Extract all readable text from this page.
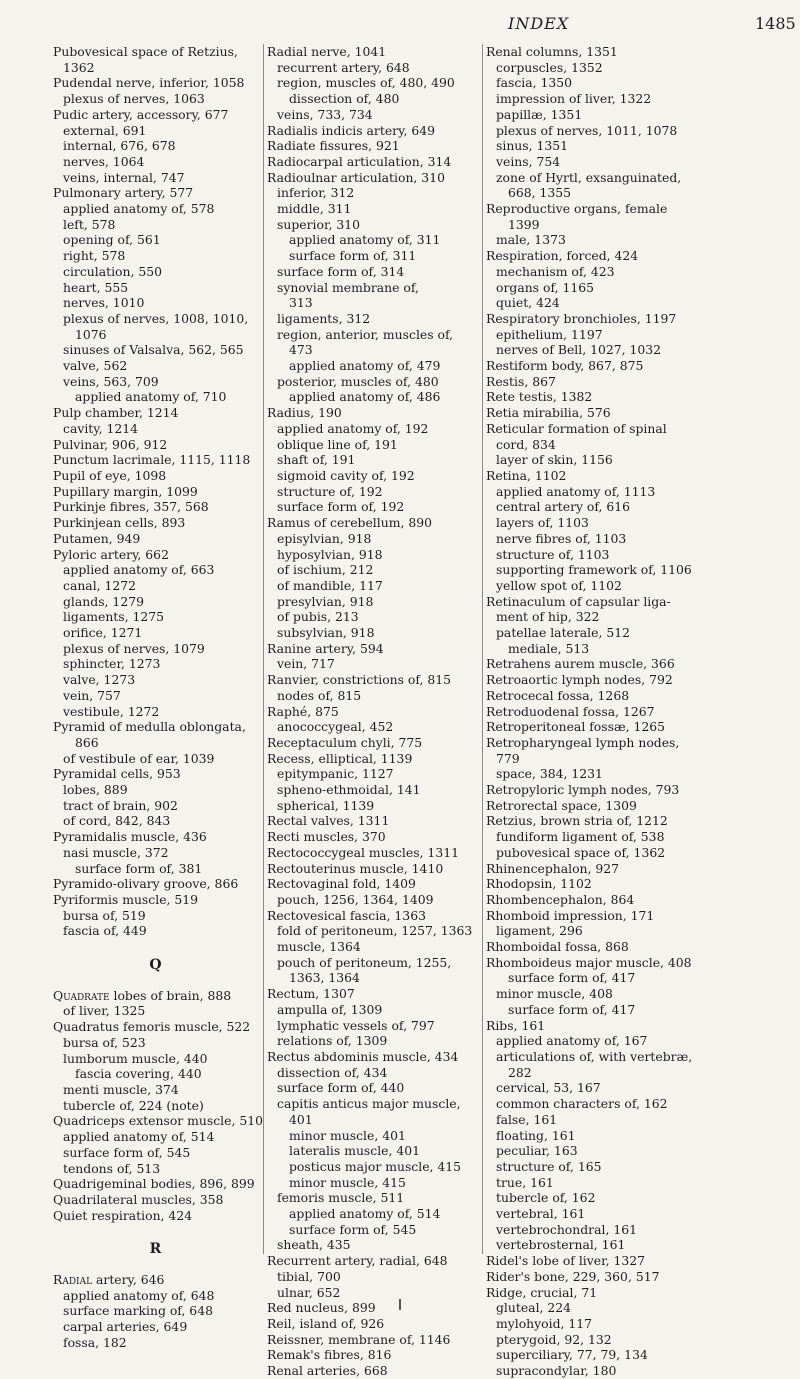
INDEX	1485
Pubovesical space of Retzius,
1362
Pudendal nerve, inferior, 1058
plexus of nerves, 1063
Pudic artery, accessory, 677
external, 691
internal, 676, 678
nerves, 1064
veins, internal, 747
Pulmonary artery, 577
applied anatomy of, 578
left, 578
opening of, 561
right, 578
circulation, 550
heart, 555
nerves, 1010
plexus of nerves, 1008, 1010,
1076
sinuses of Valsalva, 562, 565
valve, 562
veins, 563, 709
applied anatomy of, 710
Pulp chamber, 1214
cavity, 1214
Pulvinar, 906, 912
Punctum lacrimale, 1115, 1118
Pupil of eye, 1098
Pupillary margin, 1099
Purkinje fibres, 357, 568
Purkinjean cells, 893
Putamen, 949
Pyloric artery, 662
applied anatomy of, 663
canal, 1272
glands, 1279
ligaments, 1275
orifice, 1271
plexus of nerves, 1079
sphincter, 1273
valve, 1273
vein, 757
vestibule, 1272
Pyramid of medulla oblongata,
866
of vestibule of ear, 1039
Pyramidal cells, 953
lobes, 889
tract of brain, 902
of cord, 842, 843
Pyramidalis muscle, 436
nasi muscle, 372
surface form of, 381
Pyramido-olivary groove, 866
Pyriformis muscle, 519
bursa of, 519
fascia of, 449
Q
Quadrate lobes of brain, 888
of liver, 1325
Quadratus femoris muscle, 522
bursa of, 523
lumborum muscle, 440
fascia covering, 440
menti muscle, 374
tubercle of, 224 (note)
Quadriceps extensor muscle, 510
applied anatomy of, 514
surface form of, 545
tendons of, 513
Quadrigeminal bodies, 896, 899
Quadrilateral muscles, 358
Quiet respiration, 424
R
Radial artery, 646
applied anatomy of, 648
surface marking of, 648
carpal arteries, 649
fossa, 182
Radial nerve, 1041
recurrent artery, 648
region, muscles of, 480, 490
dissection of, 480
veins, 733, 734
Radialis indicis artery, 649
Radiate fissures, 921
Radiocarpal articulation, 314
Radioulnar articulation, 310
inferior, 312
middle, 311
superior, 310
applied anatomy of, 311
surface form of, 311
surface form of, 314
synovial membrane of,
313
ligaments, 312
region, anterior, muscles of,
473
applied anatomy of, 479
posterior, muscles of, 480
applied anatomy of, 486
Radius, 190
applied anatomy of, 192
oblique line of, 191
shaft of, 191
sigmoid cavity of, 192
structure of, 192
surface form of, 192
Ramus of cerebellum, 890
episylvian, 918
hyposylvian, 918
of ischium, 212
of mandible, 117
presylvian, 918
of pubis, 213
subsylvian, 918
Ranine artery, 594
vein, 717
Ranvier, constrictions of, 815
nodes of, 815
Raphé, 875
anococcygeal, 452
Receptaculum chyli, 775
Recess, elliptical, 1139
epitympanic, 1127
spheno-ethmoidal, 141
spherical, 1139
Rectal valves, 1311
Recti muscles, 370
Rectococcygeal muscles, 1311
Rectouterinus muscle, 1410
Rectovaginal fold, 1409
pouch, 1256, 1364, 1409
Rectovesical fascia, 1363
fold of peritoneum, 1257, 1363
muscle, 1364
pouch of peritoneum, 1255,
1363, 1364
Rectum, 1307
ampulla of, 1309
lymphatic vessels of, 797
relations of, 1309
Rectus abdominis muscle, 434
dissection of, 434
surface form of, 440
capitis anticus major muscle,
401
minor muscle, 401
lateralis muscle, 401
posticus major muscle, 415
minor muscle, 415
femoris muscle, 511
applied anatomy of, 514
surface form of, 545
sheath, 435
Recurrent artery, radial, 648
tibial, 700
ulnar, 652
Red nucleus, 899
Reil, island of, 926
Reissner, membrane of, 1146
Remak's fibres, 816
Renal arteries, 668
Renal columns, 1351
corpuscles, 1352
fascia, 1350
impression of liver, 1322
papillæ, 1351
plexus of nerves, 1011, 1078
sinus, 1351
veins, 754
zone of Hyrtl, exsanguinated,
668, 1355
Reproductive organs, female
1399
male, 1373
Respiration, forced, 424
mechanism of, 423
organs of, 1165
quiet, 424
Respiratory bronchioles, 1197
epithelium, 1197
nerves of Bell, 1027, 1032
Restiform body, 867, 875
Restis, 867
Rete testis, 1382
Retia mirabilia, 576
Reticular formation of spinal
cord, 834
layer of skin, 1156
Retina, 1102
applied anatomy of, 1113
central artery of, 616
layers of, 1103
nerve fibres of, 1103
structure of, 1103
supporting framework of, 1106
yellow spot of, 1102
Retinaculum of capsular liga-
ment of hip, 322
patellae laterale, 512
mediale, 513
Retrahens aurem muscle, 366
Retroaortic lymph nodes, 792
Retrocecal fossa, 1268
Retroduodenal fossa, 1267
Retroperitoneal fossæ, 1265
Retropharyngeal lymph nodes,
779
space, 384, 1231
Retropyloric lymph nodes, 793
Retrorectal space, 1309
Retzius, brown stria of, 1212
fundiform ligament of, 538
pubovesical space of, 1362
Rhinencephalon, 927
Rhodopsin, 1102
Rhombencephalon, 864
Rhomboid impression, 171
ligament, 296
Rhomboidal fossa, 868
Rhomboideus major muscle, 408
surface form of, 417
minor muscle, 408
surface form of, 417
Ribs, 161
applied anatomy of, 167
articulations of, with vertebræ,
282
cervical, 53, 167
common characters of, 162
false, 161
floating, 161
peculiar, 163
structure of, 165
true, 161
tubercle of, 162
vertebral, 161
vertebrochondral, 161
vertebrosternal, 161
Ridel's lobe of liver, 1327
Rider's bone, 229, 360, 517
Ridge, crucial, 71
gluteal, 224
mylohyoid, 117
pterygoid, 92, 132
superciliary, 77, 79, 134
supracondylar, 180
